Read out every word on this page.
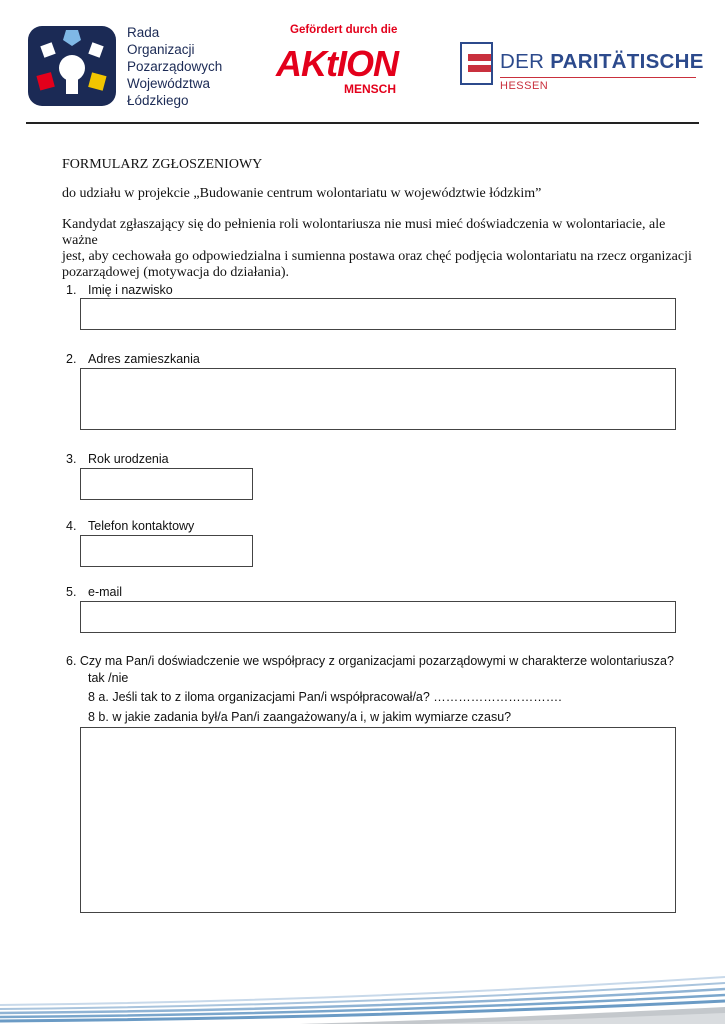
Rada
Organizacji
Pozarządowych
Województwa
Łódzkiego
Gefördert durch die
AKtION
MENSCH
DER PARITÄTISCHE
HESSEN
FORMULARZ ZGŁOSZENIOWY
do udziału w projekcie „Budowanie centrum wolontariatu w województwie łódzkim”
Kandydat zgłaszający się do pełnienia roli wolontariusza nie musi mieć doświadczenia w wolontariacie, ale ważne
jest, aby cechowała go odpowiedzialna i sumienna postawa oraz chęć podjęcia wolontariatu na rzecz organizacji
pozarządowej (motywacja do działania).
1. Imię i nazwisko
2. Adres zamieszkania
3. Rok urodzenia
4. Telefon kontaktowy
5. e-mail
6. Czy ma Pan/i doświadczenie we współpracy z organizacjami pozarządowymi w charakterze wolontariusza?
tak /nie
8 a. Jeśli tak to z iloma organizacjami Pan/i współpracował/a? ………………………….
8 b. w jakie zadania był/a Pan/i zaangażowany/a i, w jakim wymiarze czasu?
